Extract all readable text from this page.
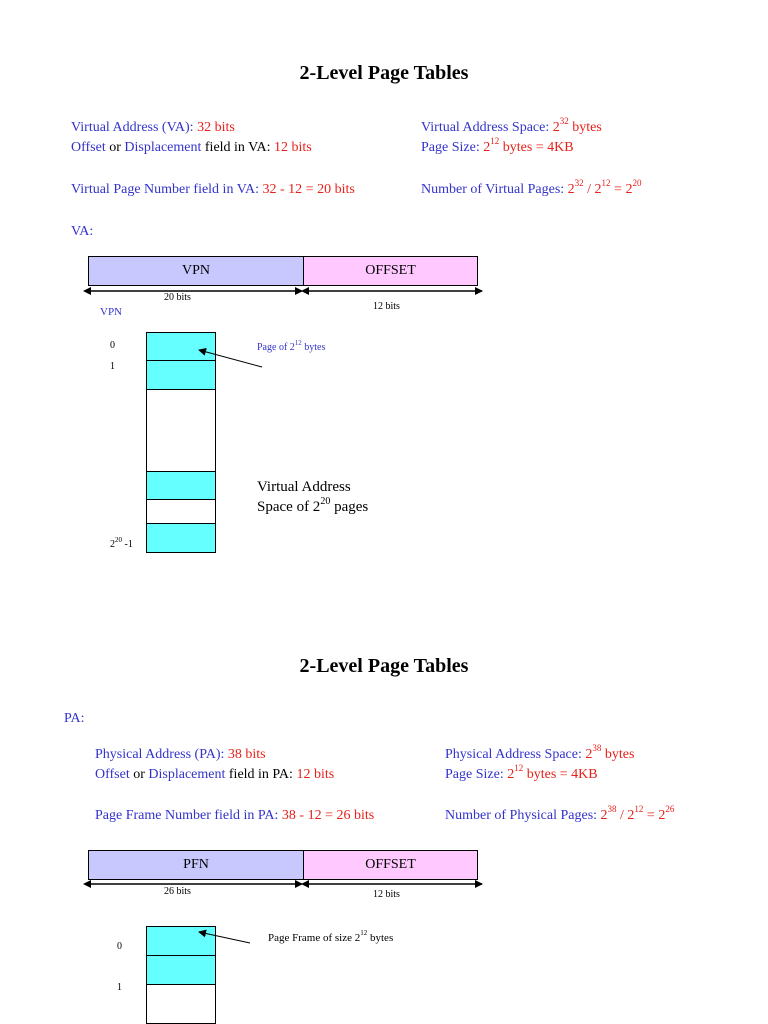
2-Level Page Tables
Virtual Address (VA): 32 bits
Offset or Displacement field in VA: 12 bits
Virtual Page Number field in VA: 32 - 12 = 20 bits
Virtual Address Space: $2^{32}$ bytes
Page Size: $2^{12}$ bytes = 4KB
Number of Virtual Pages: $2^{32} / 2^{12} = 2^{20}$
VA:
VPN	OFFSET
20 bits
12 bits
VPN
0
1
$2^{20}$ -1
Page of $2^{12}$ bytes
Virtual Address
Space of $2^{20}$ pages
2-Level Page Tables
PA:
Physical Address (PA): 38 bits
Offset or Displacement field in PA: 12 bits
Page Frame Number field in PA: 38 - 12 = 26 bits
Physical Address Space: $2^{38}$ bytes
Page Size: $2^{12}$ bytes = 4KB
Number of Physical Pages: $2^{38} / 2^{12} = 2^{26}$
PFN	OFFSET
26 bits	12 bits
0
1
Page Frame of size $2^{12}$ bytes
